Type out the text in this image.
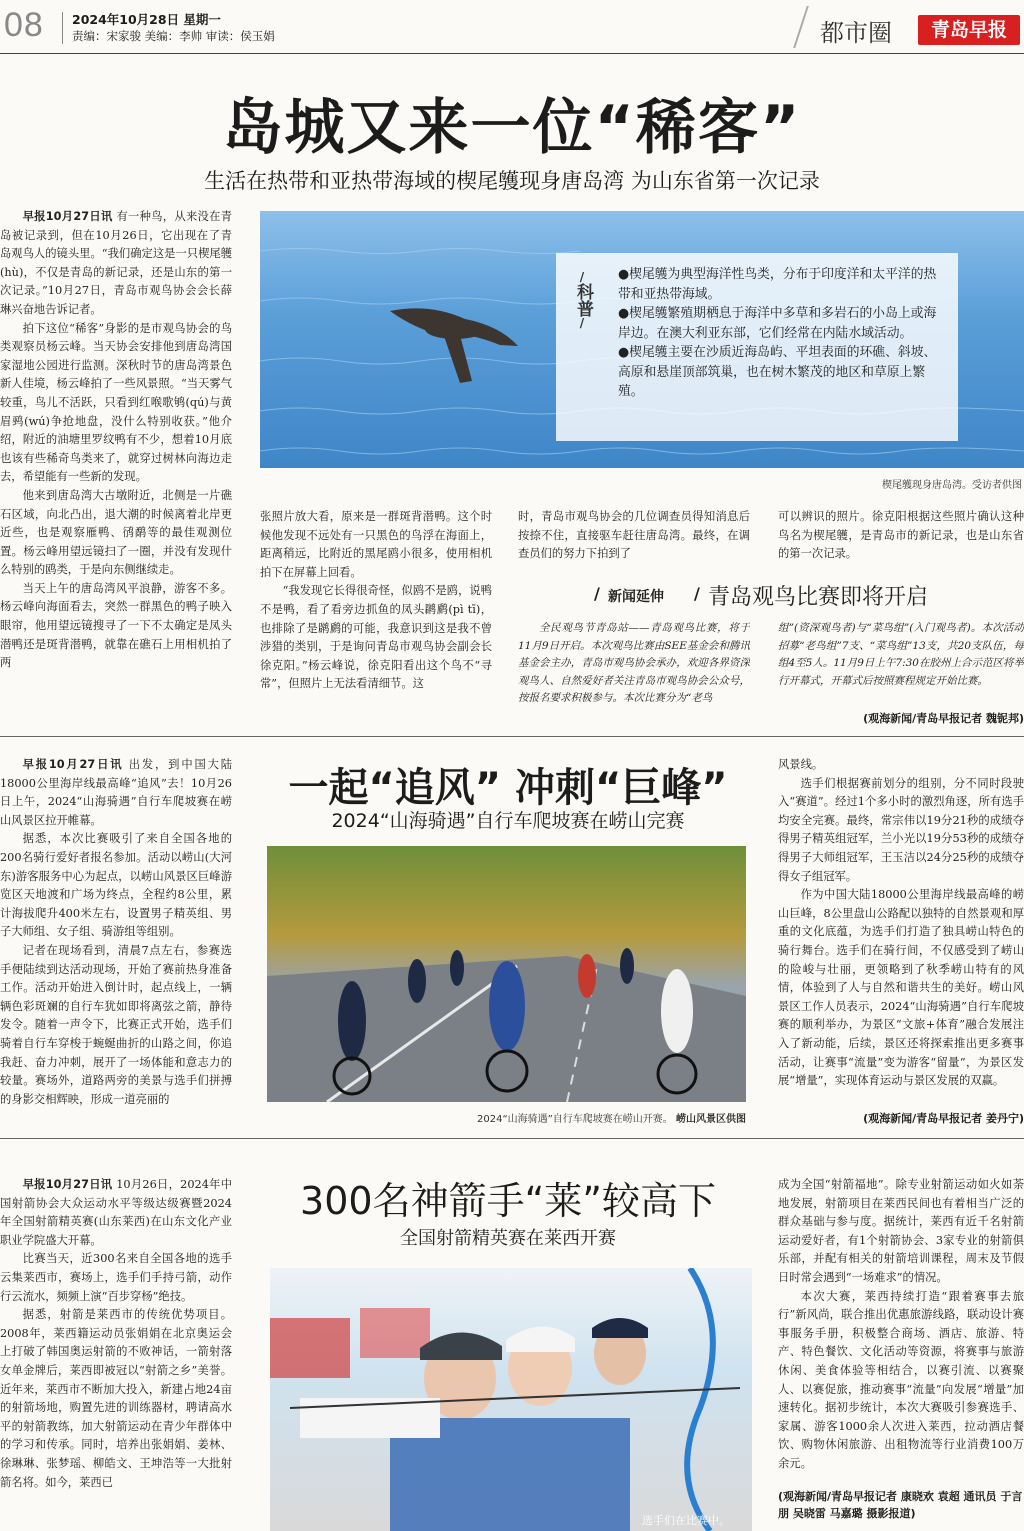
08 2024年10月28日 星期一
责编：宋家骏 美编：李帅 审读：侯玉娟	都市圈	青岛早报
岛城又来一位“稀客”
生活在热带和亚热带海域的楔尾鹱现身唐岛湾 为山东省第一次记录

早报10月27日讯 有一种鸟，从来没在青岛被记录到，但在10月26日，它出现在了青岛观鸟人的镜头里。“我们确定这是一只楔尾鹱(hù)，不仅是青岛的新记录，还是山东的第一次记录。”10月27日，青岛市观鸟协会会长薛琳兴奋地告诉记者。

拍下这位“稀客”身影的是市观鸟协会的鸟类观察员杨云峰。当天协会安排他到唐岛湾国家湿地公园进行监测。深秋时节的唐岛湾景色新人佳境，杨云峰拍了一些风景照。“当天雾气较重，鸟儿不活跃，只看到红喉歌鸲(qú)与黄眉鹀(wú)争抢地盘，没什么特别收获。”他介绍，附近的油塘里罗纹鸭有不少，想着10月底也该有些稀奇鸟类来了，就穿过树林向海边走去，希望能有一些新的发现。

他来到唐岛湾大古墩附近，北侧是一片礁石区域，向北凸出，退大潮的时候离着北岸更近些，也是观察雁鸭、鸻鹬等的最佳观测位置。杨云峰用望远镜扫了一圈，并没有发现什么特别的鸥类，于是向东侧继续走。

当天上午的唐岛湾风平浪静，游客不多。杨云峰向海面看去，突然一群黑色的鸭子映入眼帘，他用望远镜搜寻了一下不太确定是凤头潜鸭还是斑背潜鸭，就靠在礁石上用相机拍了两

/
科普
/
●楔尾鹱为典型海洋性鸟类，分布于印度洋和太平洋的热带和亚热带海域。
●楔尾鹱繁殖期栖息于海洋中多草和多岩石的小岛上或海岸边。在澳大利亚东部，它们经常在内陆水域活动。
●楔尾鹱主要在沙质近海岛屿、平坦表面的环礁、斜坡、高原和悬崖顶部筑巢，也在树木繁茂的地区和草原上繁殖。
楔尾鹱现身唐岛湾。受访者供图

张照片放大看，原来是一群斑背潜鸭。这个时候他发现不远处有一只黑色的鸟浮在海面上，距离稍远，比附近的黑尾鸥小很多，使用相机拍下在屏幕上回看。

“我发现它长得很奇怪，似鸥不是鸥，说鸭不是鸭，看了看旁边抓鱼的凤头䴙䴘(pì tī)，也排除了是䴙䴘的可能，我意识到这是我不曾涉猎的类别，于是询问青岛市观鸟协会副会长徐克阳。”杨云峰说，徐克阳看出这个鸟不“寻常”，但照片上无法看清细节。这

时，青岛市观鸟协会的几位调查员得知消息后按捺不住，直接驱车赶往唐岛湾。最终，在调查员们的努力下拍到了

可以辨识的照片。徐克阳根据这些照片确认这种鸟名为楔尾鹱，是青岛市的新记录，也是山东省的第一次记录。

新闻延伸
/	/ 青岛观鸟比赛即将开启
全民观鸟节青岛站——青岛观鸟比赛，将于11月9日开启。本次观鸟比赛由SEE基金会和腾讯基金会主办，青岛市观鸟协会承办，欢迎各界资深观鸟人、自然爱好者关注青岛市观鸟协会公众号，按报名要求积极参与。本次比赛分为“老鸟
组”(资深观鸟者)与“菜鸟组”(入门观鸟者)。本次活动招募“老鸟组”7支、“菜鸟组”13支，共20支队伍，每组4至5人。11月9日上午7:30在胶州上合示范区将举行开幕式，开幕式后按照赛程规定开始比赛。
(观海新闻/青岛早报记者 魏铌邦)

早报10月27日讯 出发，到中国大陆18000公里海岸线最高峰“追风”去！10月26日上午，2024“山海骑遇”自行车爬坡赛在崂山风景区拉开帷幕。

据悉，本次比赛吸引了来自全国各地的200名骑行爱好者报名参加。活动以崂山(大河东)游客服务中心为起点，以崂山风景区巨峰游览区天地渡和广场为终点，全程约8公里，累计海拔爬升400米左右，设置男子精英组、男子大师组、女子组、骑游组等组别。

记者在现场看到，清晨7点左右，参赛选手便陆续到达活动现场，开始了赛前热身准备工作。活动开始进入倒计时，起点线上，一辆辆色彩斑斓的自行车犹如即将离弦之箭，静待发令。随着一声令下，比赛正式开始，选手们骑着自行车穿梭于蜿蜒曲折的山路之间，你追我赶、奋力冲刺，展开了一场体能和意志力的较量。赛场外，道路两旁的美景与选手们拼搏的身影交相辉映，形成一道亮丽的

一起“追风” 冲刺“巨峰”
2024“山海骑遇”自行车爬坡赛在崂山完赛
2024“山海骑遇”自行车爬坡赛在崂山开赛。 崂山风景区供图

风景线。

选手们根据赛前划分的组别，分不同时段驶入“赛道”。经过1个多小时的激烈角逐，所有选手均安全完赛。最终，常宗伟以19分21秒的成绩夺得男子精英组冠军，兰小光以19分53秒的成绩夺得男子大师组冠军，王玉洁以24分25秒的成绩夺得女子组冠军。

作为中国大陆18000公里海岸线最高峰的崂山巨峰，8公里盘山公路配以独特的自然景观和厚重的文化底蕴，为选手们打造了独具崂山特色的骑行舞台。选手们在骑行间，不仅感受到了崂山的险峻与壮丽，更领略到了秋季崂山特有的风情，体验到了人与自然和谐共生的美好。崂山风景区工作人员表示，2024“山海骑遇”自行车爬坡赛的顺利举办，为景区“文旅+体育”融合发展注入了新动能，后续，景区还将探索推出更多赛事活动，让赛事“流量”变为游客“留量”，为景区发展“增量”，实现体育运动与景区发展的双赢。

(观海新闻/青岛早报记者 姜丹宁)

早报10月27日讯 10月26日，2024年中国射箭协会大众运动水平等级达级赛暨2024年全国射箭精英赛(山东莱西)在山东文化产业职业学院盛大开幕。

比赛当天，近300名来自全国各地的选手云集莱西市，赛场上，选手们手持弓箭，动作行云流水，频频上演“百步穿杨”绝技。

据悉，射箭是莱西市的传统优势项目。2008年，莱西籍运动员张娟娟在北京奥运会上打破了韩国奥运射箭的不败神话，一箭射落女单金牌后，莱西即被冠以“射箭之乡”美誉。近年来，莱西市不断加大投入，新建占地24亩的射箭场地，购置先进的训练器材，聘请高水平的射箭教练，加大射箭运动在青少年群体中的学习和传承。同时，培养出张娟娟、姜林、徐琳琳、张梦瑶、柳皓文、王坤浩等一大批射箭名将。如今，莱西已

300名神箭手“莱”较高下
全国射箭精英赛在莱西开赛
选手们在比赛中。

成为全国“射箭福地”。除专业射箭运动如火如荼地发展，射箭项目在莱西民间也有着相当广泛的群众基础与参与度。据统计，莱西有近千名射箭运动爱好者，有1个射箭协会、3家专业的射箭俱乐部，并配有相关的射箭培训课程，周末及节假日时常会遇到“一场难求”的情况。

本次大赛，莱西持续打造“跟着赛事去旅行”新风尚，联合推出优惠旅游线路，联动设计赛事服务手册，积极整合商场、酒店、旅游、特产、特色餐饮、文化活动等资源，将赛事与旅游休闲、美食体验等相结合，以赛引流、以赛聚人、以赛促旅，推动赛事“流量”向发展“增量”加速转化。据初步统计，本次大赛吸引参赛选手、家属、游客1000余人次进入莱西，拉动酒店餐饮、购物休闲旅游、出租物流等行业消费100万余元。

(观海新闻/青岛早报记者 康晓欢 袁超 通讯员 于言朋 吴晓雷 马嘉璐 摄影报道)
